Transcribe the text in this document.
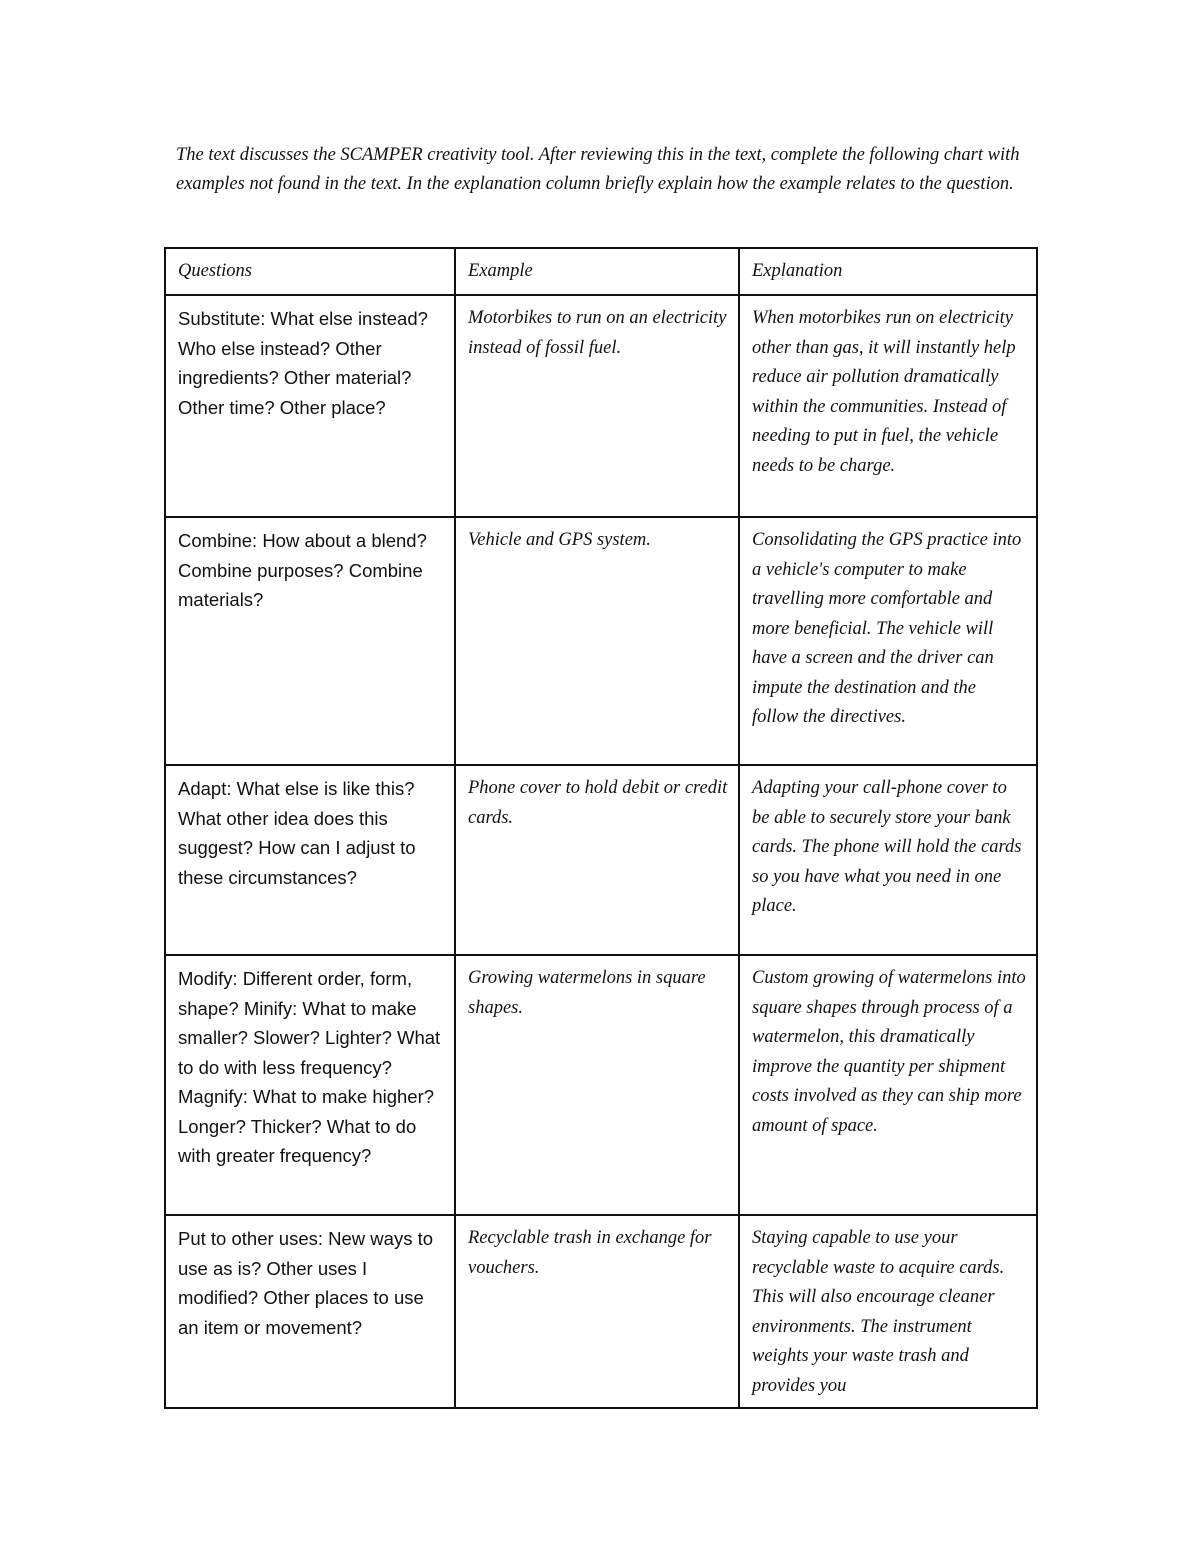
The text discusses the SCAMPER creativity tool. After reviewing this in the text, complete the following chart with examples not found in the text. In the explanation column briefly explain how the example relates to the question.

Questions	Example	Explanation
Substitute: What else instead? Who else instead? Other ingredients? Other material? Other time? Other place?	Motorbikes to run on an electricity instead of fossil fuel.	When motorbikes run on electricity other than gas, it will instantly help reduce air pollution dramatically within the communities. Instead of needing to put in fuel, the vehicle needs to be charge.
Combine: How about a blend? Combine purposes? Combine materials?	Vehicle and GPS system.	Consolidating the GPS practice into a vehicle's computer to make travelling more comfortable and more beneficial. The vehicle will have a screen and the driver can impute the destination and the follow the directives.
Adapt: What else is like this? What other idea does this suggest? How can I adjust to these circumstances?	Phone cover to hold debit or credit cards.	Adapting your call-phone cover to be able to securely store your bank cards. The phone will hold the cards so you have what you need in one place.
Modify: Different order, form, shape? Minify: What to make smaller? Slower? Lighter? What to do with less frequency? Magnify: What to make higher? Longer? Thicker? What to do with greater frequency?	Growing watermelons in square shapes.	Custom growing of watermelons into square shapes through process of a watermelon, this dramatically improve the quantity per shipment costs involved as they can ship more amount of space.
Put to other uses: New ways to use as is? Other uses I modified? Other places to use an item or movement?	Recyclable trash in exchange for vouchers.	Staying capable to use your recyclable waste to acquire cards. This will also encourage cleaner environments. The instrument weights your waste trash and provides you
